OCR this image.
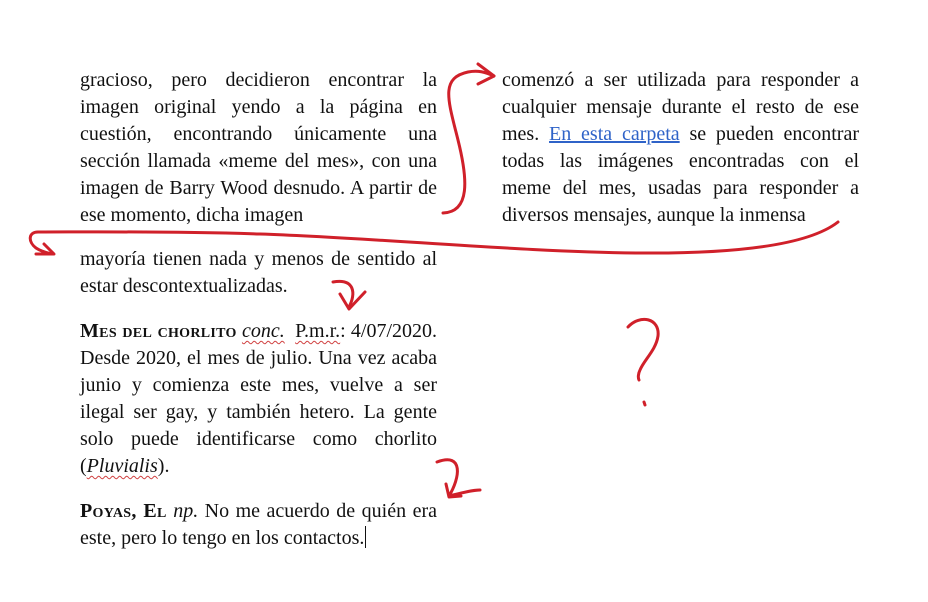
gracioso, pero decidieron encontrar la imagen original yendo a la página en cuestión, encontrando únicamente una sección llamada «meme del mes», con una imagen de Barry Wood desnudo. A partir de ese momento, dicha imagen

comenzó a ser utilizada para responder a cualquier mensaje durante el resto de ese mes. En esta carpeta se pueden encontrar todas las imágenes encontradas con el meme del mes, usadas para responder a diversos mensajes, aunque la inmensa

mayoría tienen nada y menos de sentido al estar descontextualizadas.

Mes del chorlito conc. P.m.r.: 4/07/2020. Desde 2020, el mes de julio. Una vez acaba junio y comienza este mes, vuelve a ser ilegal ser gay, y también hetero. La gente solo puede identificarse como chorlito (Pluvialis).

Poyas, El np. No me acuerdo de quién era este, pero lo tengo en los contactos.

?
